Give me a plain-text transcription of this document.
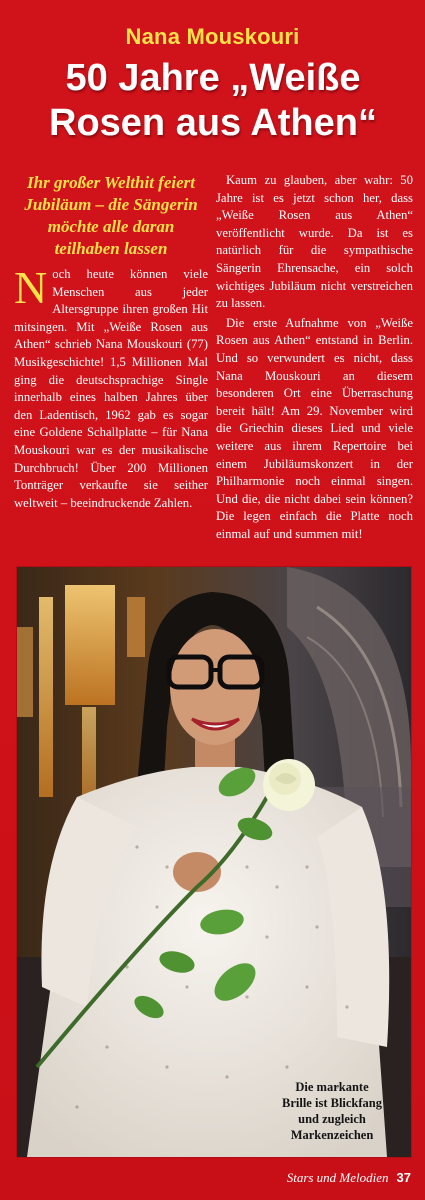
Nana Mouskouri
50 Jahre „Weiße
Rosen aus Athen“
Ihr großer Welthit feiert Jubiläum – die Sängerin möchte alle daran teilhaben lassen

Noch heute können viele Menschen aus jeder Altersgruppe ihren großen Hit mitsingen. Mit „Weiße Rosen aus Athen“ schrieb Nana Mouskouri (77) Musikgeschichte! 1,5 Millionen Mal ging die deutschsprachige Single innerhalb eines halben Jahres über den Ladentisch, 1962 gab es sogar eine Goldene Schallplatte – für Nana Mouskouri war es der musikalische Durchbruch! Über 200 Millionen Tonträger verkaufte sie seither weltweit – beeindruckende Zahlen.

Kaum zu glauben, aber wahr: 50 Jahre ist es jetzt schon her, dass „Weiße Rosen aus Athen“ veröffentlicht wurde. Da ist es natürlich für die sympathische Sängerin Ehrensache, ein solch wichtiges Jubiläum nicht verstreichen zu lassen.

Die erste Aufnahme von „Weiße Rosen aus Athen“ entstand in Berlin. Und so verwundert es nicht, dass Nana Mouskouri an diesem besonderen Ort eine Überraschung bereit hält! Am 29. November wird die Griechin dieses Lied und viele weitere aus ihrem Repertoire bei einem Jubiläumskonzert in der Philharmonie noch einmal singen. Und die, die nicht dabei sein können? Die legen einfach die Platte noch einmal auf und summen mit!

Die markante
Brille ist Blickfang
und zugleich
Markenzeichen
Stars und Melodien 37
